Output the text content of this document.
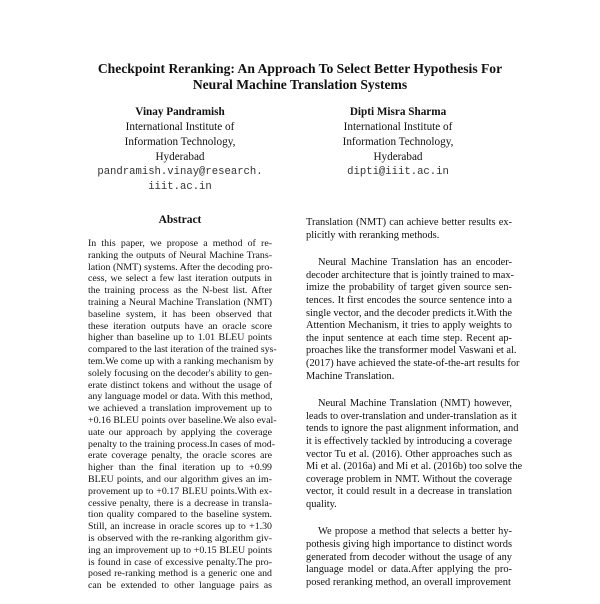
Checkpoint Reranking: An Approach To Select Better Hypothesis For
Neural Machine Translation Systems
Vinay Pandramish
International Institute of
Information Technology,
Hyderabad
pandramish.vinay@research.
iiit.ac.in
Dipti Misra Sharma
International Institute of
Information Technology,
Hyderabad
dipti@iiit.ac.in
Abstract
In this paper, we propose a method of re-
ranking the outputs of Neural Machine Trans-
lation (NMT) systems. After the decoding pro-
cess, we select a few last iteration outputs in
the training process as the N-best list. After
training a Neural Machine Translation (NMT)
baseline system, it has been observed that
these iteration outputs have an oracle score
higher than baseline up to 1.01 BLEU points
compared to the last iteration of the trained sys-
tem.We come up with a ranking mechanism by
solely focusing on the decoder's ability to gen-
erate distinct tokens and without the usage of
any language model or data. With this method,
we achieved a translation improvement up to
+0.16 BLEU points over baseline.We also eval-
uate our approach by applying the coverage
penalty to the training process.In cases of mod-
erate coverage penalty, the oracle scores are
higher than the final iteration up to +0.99
BLEU points, and our algorithm gives an im-
provement up to +0.17 BLEU points.With ex-
cessive penalty, there is a decrease in transla-
tion quality compared to the baseline system.
Still, an increase in oracle scores up to +1.30
is observed with the re-ranking algorithm giv-
ing an improvement up to +0.15 BLEU points
is found in case of excessive penalty.The pro-
posed re-ranking method is a generic one and
can be extended to other language pairs as
Translation (NMT) can achieve better results ex-
plicitly with reranking methods.
Neural Machine Translation has an encoder-
decoder architecture that is jointly trained to max-
imize the probability of target given source sen-
tences. It first encodes the source sentence into a
single vector, and the decoder predicts it.With the
Attention Mechanism, it tries to apply weights to
the input sentence at each time step. Recent ap-
proaches like the transformer model Vaswani et al.
(2017) have achieved the state-of-the-art results for
Machine Translation.
Neural Machine Translation (NMT) however,
leads to over-translation and under-translation as it
tends to ignore the past alignment information, and
it is effectively tackled by introducing a coverage
vector Tu et al. (2016). Other approaches such as
Mi et al. (2016a) and Mi et al. (2016b) too solve the
coverage problem in NMT. Without the coverage
vector, it could result in a decrease in translation
quality.
We propose a method that selects a better hy-
pothesis giving high importance to distinct words
generated from decoder without the usage of any
language model or data.After applying the pro-
posed reranking method, an overall improvement
